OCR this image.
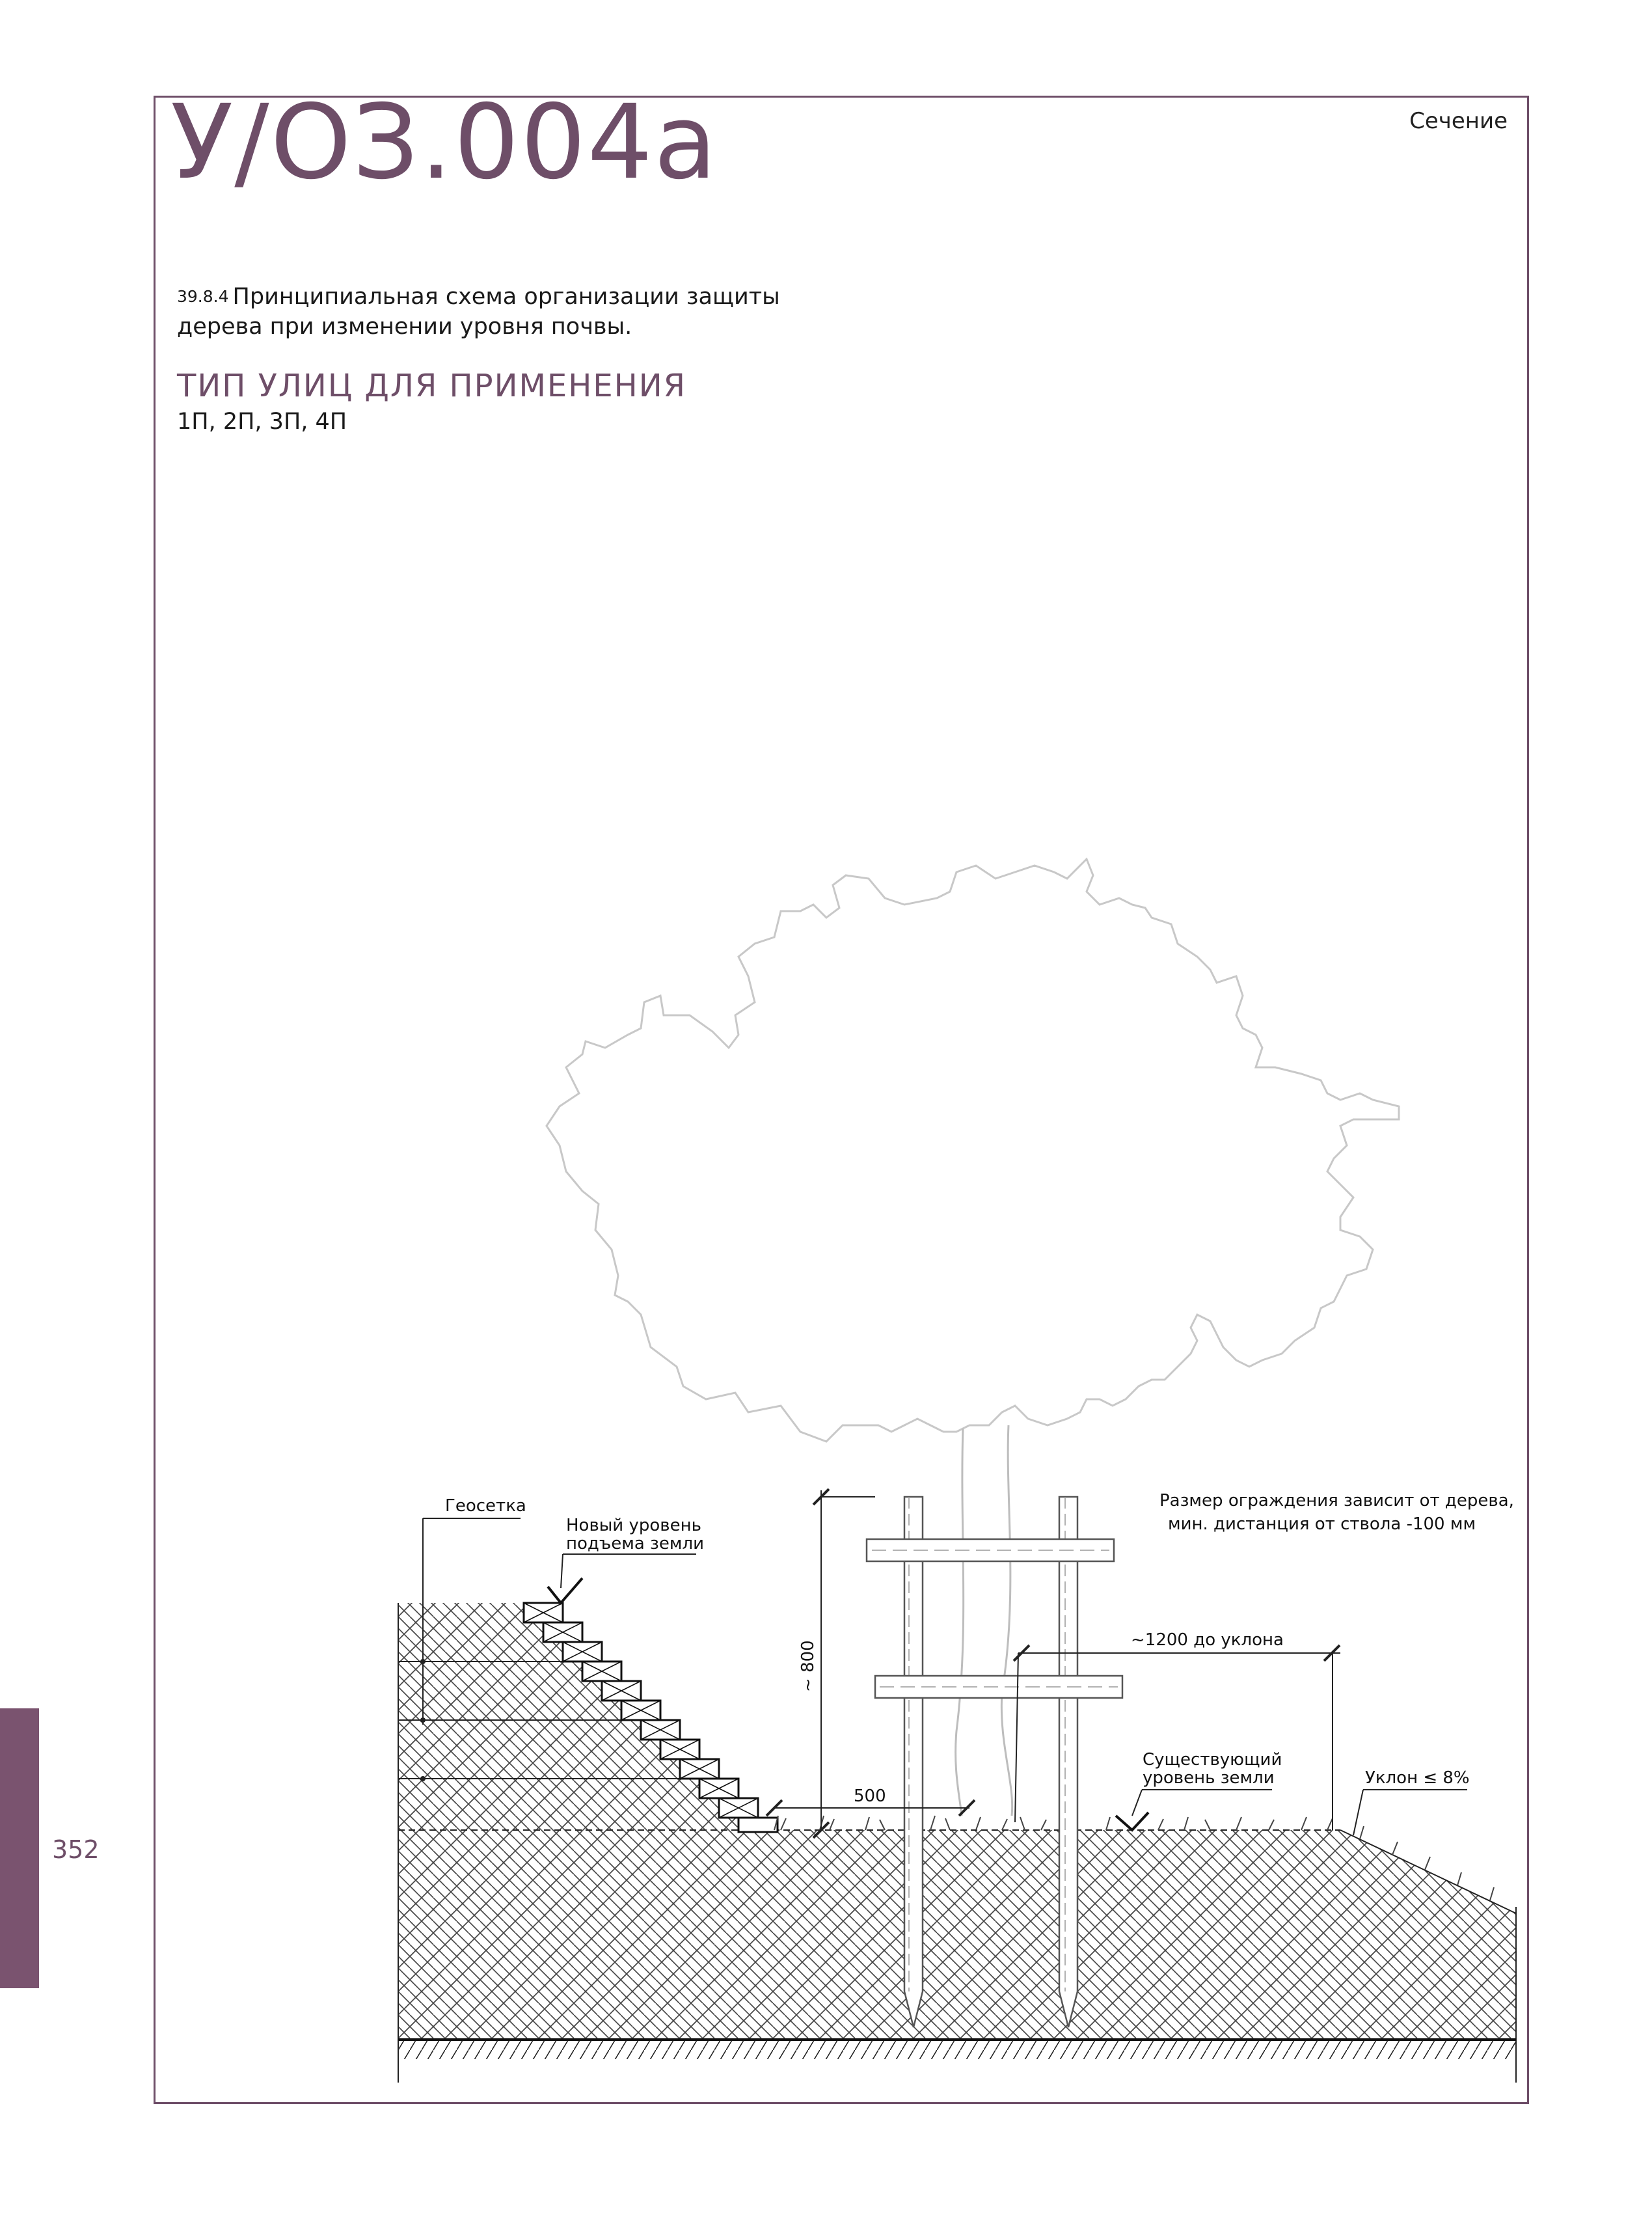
У/ОЗ.004а	Сечение
39.8.4 Принципиальная схема организации защиты
дерева при изменении уровня почвы.
ТИП УЛИЦ ДЛЯ ПРИМЕНЕНИЯ
1П, 2П, 3П, 4П
352
Геосетка
Новый уровень
подъема земли
Размер ограждения зависит от дерева,
мин. дистанция от ствола -100 мм
~ 800
~1200 до уклона
500
Существующий
уровень земли	Уклон ≤ 8%
